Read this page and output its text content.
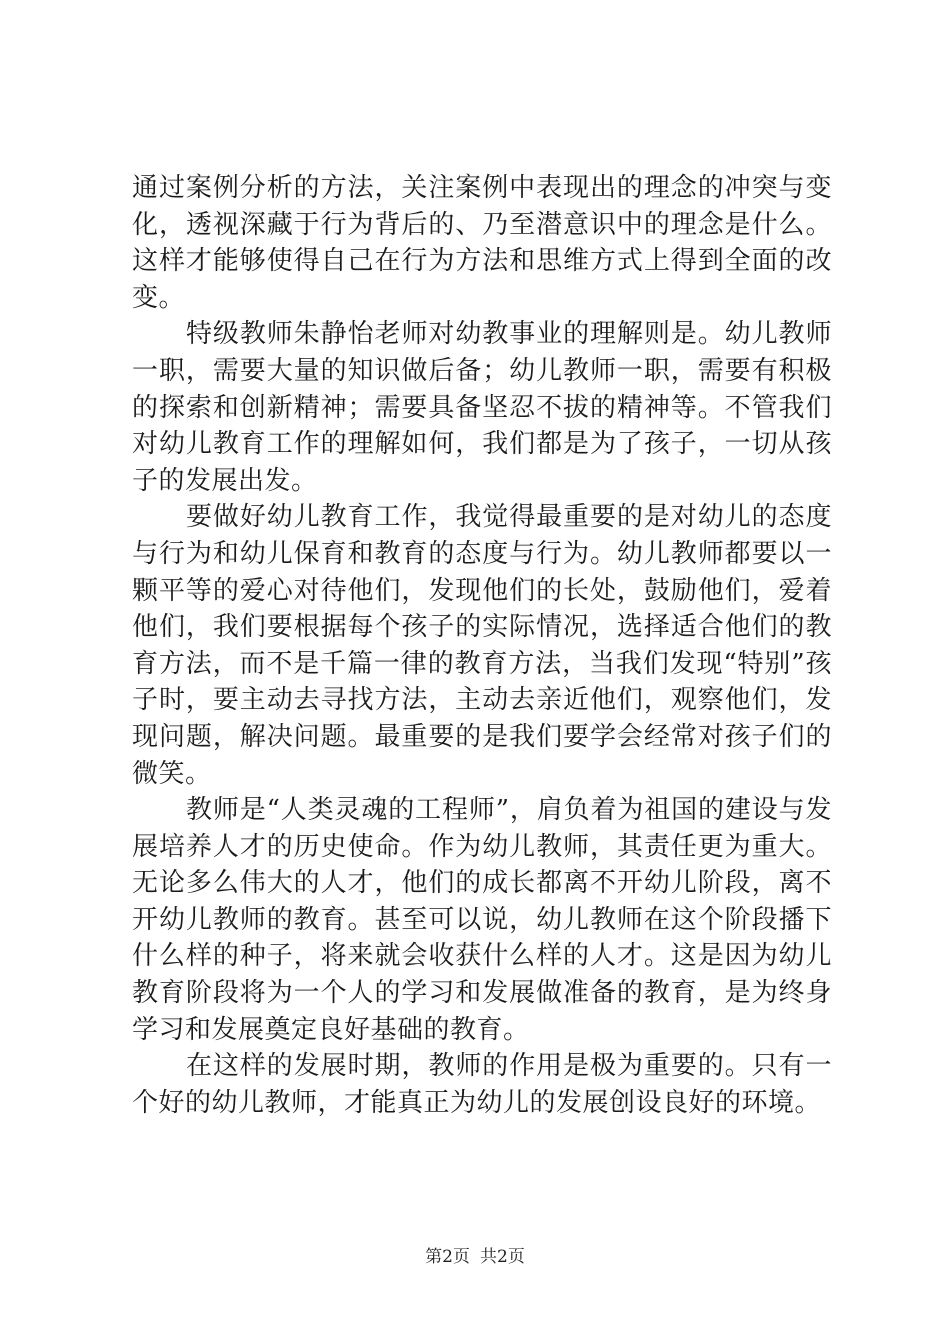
通过案例分析的方法，关注案例中表现出的理念的冲突与变化，透视深藏于行为背后的、乃至潜意识中的理念是什么。这样才能够使得自己在行为方法和思维方式上得到全面的改变。

特级教师朱静怡老师对幼教事业的理解则是。幼儿教师一职，需要大量的知识做后备；幼儿教师一职，需要有积极的探索和创新精神；需要具备坚忍不拔的精神等。不管我们对幼儿教育工作的理解如何，我们都是为了孩子，一切从孩子的发展出发。

要做好幼儿教育工作，我觉得最重要的是对幼儿的态度与行为和幼儿保育和教育的态度与行为。幼儿教师都要以一颗平等的爱心对待他们，发现他们的长处，鼓励他们，爱着他们，我们要根据每个孩子的实际情况，选择适合他们的教育方法，而不是千篇一律的教育方法，当我们发现“特别”孩子时，要主动去寻找方法，主动去亲近他们，观察他们，发现问题，解决问题。最重要的是我们要学会经常对孩子们的微笑。

教师是“人类灵魂的工程师”，肩负着为祖国的建设与发展培养人才的历史使命。作为幼儿教师，其责任更为重大。无论多么伟大的人才，他们的成长都离不开幼儿阶段，离不开幼儿教师的教育。甚至可以说，幼儿教师在这个阶段播下什么样的种子，将来就会收获什么样的人才。这是因为幼儿教育阶段将为一个人的学习和发展做准备的教育，是为终身学习和发展奠定良好基础的教育。

在这样的发展时期，教师的作用是极为重要的。只有一个好的幼儿教师，才能真正为幼儿的发展创设良好的环境。

第2页 共2页
